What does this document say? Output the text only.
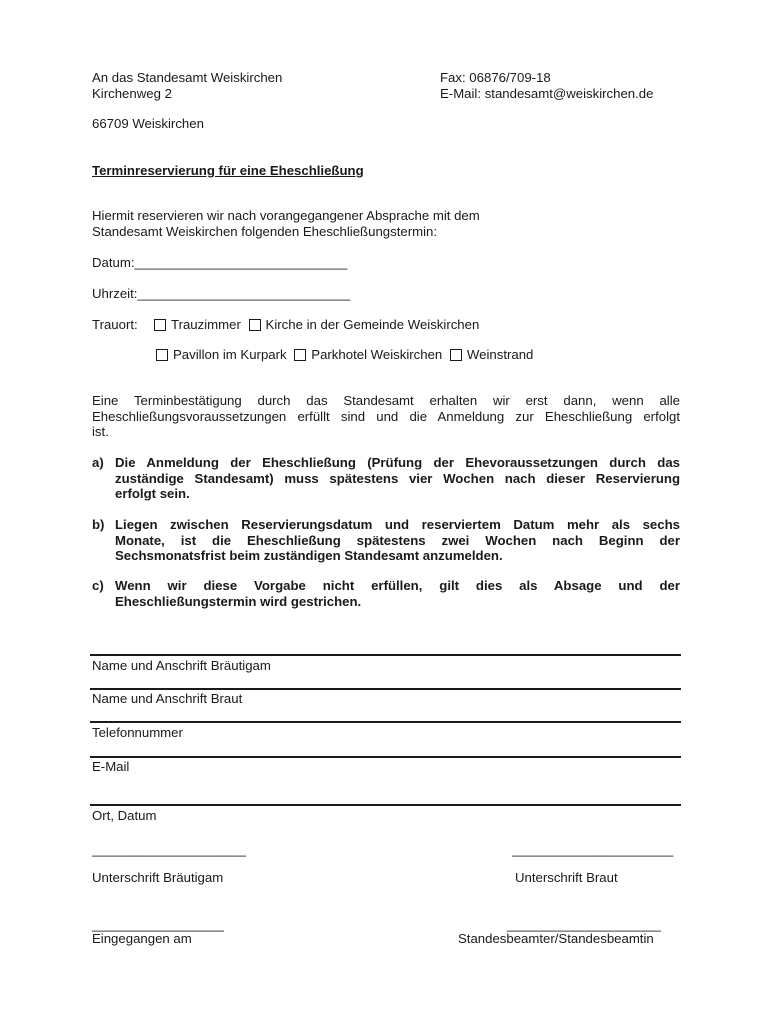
An das Standesamt Weiskirchen
Kirchenweg 2
66709 Weiskirchen
Fax: 06876/709-18
E-Mail: standesamt@weiskirchen.de
Terminreservierung für eine Eheschließung
Hiermit reservieren wir nach vorangegangener Absprache mit dem
Standesamt Weiskirchen folgenden Eheschließungstermin:
Datum:_____________________________
Uhrzeit:_____________________________
Trauort:	Trauzimmer Kirche in der Gemeinde Weiskirchen
Pavillon im Kurpark Parkhotel Weiskirchen Weinstrand
Eine Terminbestätigung durch das Standesamt erhalten wir erst dann, wenn alle
Eheschließungsvoraussetzungen erfüllt sind und die Anmeldung zur Eheschließung erfolgt
ist.
a) Die Anmeldung der Eheschließung (Prüfung der Ehevoraussetzungen durch das
zuständige Standesamt) muss spätestens vier Wochen nach dieser Reservierung
erfolgt sein.
b) Liegen zwischen Reservierungsdatum und reserviertem Datum mehr als sechs
Monate, ist die Eheschließung spätestens zwei Wochen nach Beginn der
Sechsmonatsfrist beim zuständigen Standesamt anzumelden.
c) Wenn wir diese Vorgabe nicht erfüllen, gilt dies als Absage und der
Eheschließungstermin wird gestrichen.
Name und Anschrift Bräutigam
Name und Anschrift Braut
Telefonnummer
E-Mail
Ort, Datum
_____________________	______________________
Unterschrift Bräutigam	Unterschrift Braut
__________________	_____________________
Eingegangen am	Standesbeamter/Standesbeamtin
